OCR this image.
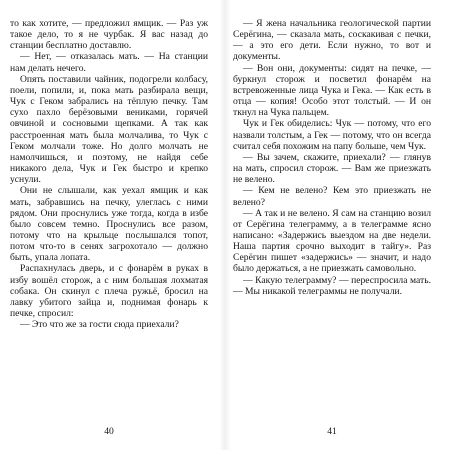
то как хотите, — предложил ямщик. — Раз уж такое дело, то я не чурбак. Я вас назад до станции бесплатно доставлю.

— Нет, — отказалась мать. — На станции нам делать нечего.

Опять поставили чайник, подогрели колбасу, поели, попили, и, пока мать разбирала вещи, Чук с Геком забрались на тёплую печку. Там сухо пахло берёзовыми вениками, горячей овчиной и сосновыми щепками. А так как расстроенная мать была молчалива, то Чук с Геком молчали тоже. Но долго молчать не намолчишься, и поэтому, не найдя себе никакого дела, Чук и Гек быстро и крепко уснули.

Они не слышали, как уехал ямщик и как мать, забравшись на печку, улеглась с ними рядом. Они проснулись уже тогда, когда в избе было совсем темно. Проснулись все разом, потому что на крыльце послышался топот, потом что-то в сенях загрохотало — должно быть, упала лопата.

Распахнулась дверь, и с фонарём в руках в избу вошёл сторож, а с ним большая лохматая собака. Он скинул с плеча ружьё, бросил на лавку убитого зайца и, поднимая фонарь к печке, спросил:

— Это что же за гости сюда приехали?

— Я жена начальника геологической партии Серёгина, — сказала мать, соскакивая с печки, — а это его дети. Если нужно, то вот и документы.

— Вон они, документы: сидят на печке, — буркнул сторож и посветил фонарём на встревоженные лица Чука и Гека. — Как есть в отца — копия! Особо этот толстый. — И он ткнул на Чука пальцем.

Чук и Гек обиделись: Чук — потому, что его назвали толстым, а Гек — потому, что он всегда считал себя похожим на папу больше, чем Чук.

— Вы зачем, скажите, приехали? — глянув на мать, спросил сторож. — Вам же приезжать не велено.

— Кем не велено? Кем это приезжать не велено?

— А так и не велено. Я сам на станцию возил от Серёгина телеграмму, а в телеграмме ясно написано: «Задержись выездом на две недели. Наша партия срочно выходит в тайгу». Раз Серёгин пишет «задержись» — значит, и надо было держаться, а не приезжать самовольно.

— Какую телеграмму? — переспросила мать. — Мы никакой телеграммы не получали.

40	41
